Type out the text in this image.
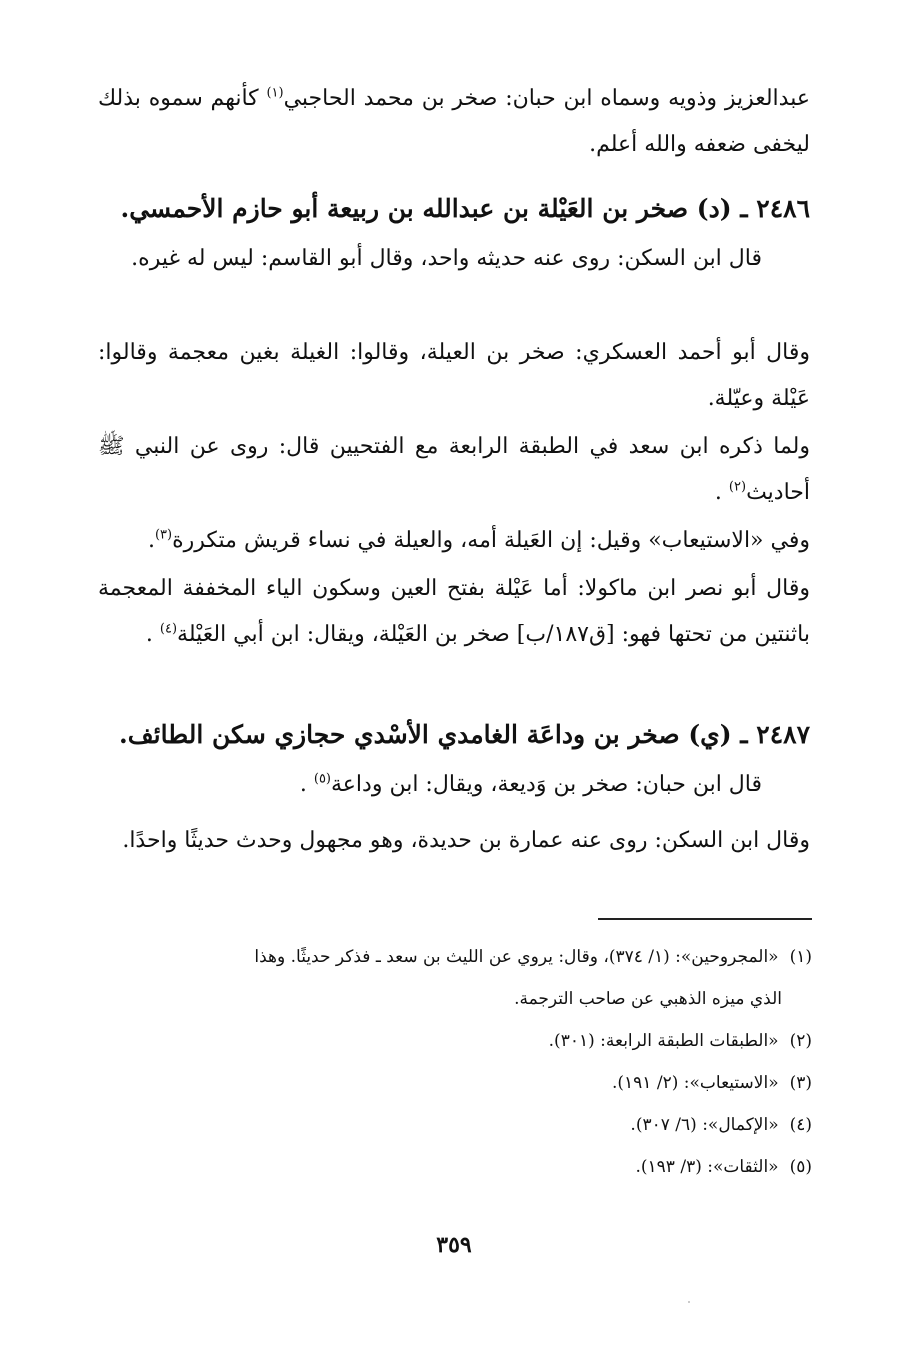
عبدالعزيز وذويه وسماه ابن حبان: صخر بن محمد الحاجبي$^{(١)}$ كأنهم سموه بذلك ليخفى ضعفه والله أعلم.

٢٤٨٦ ـ (د) صخر بن العَيْلة بن عبدالله بن ربيعة أبو حازم الأحمسي.

قال ابن السكن: روى عنه حديثه واحد، وقال أبو القاسم: ليس له غيره.

وقال أبو أحمد العسكري: صخر بن العيلة، وقالوا: الغيلة بغين معجمة وقالوا: عَيْلة وعيّلة.

ولما ذكره ابن سعد في الطبقة الرابعة مع الفتحيين قال: روى عن النبي ﷺ أحاديث$^{(٢)}$ .

وفي «الاستيعاب» وقيل: إن العَيلة أمه، والعيلة في نساء قريش متكررة$^{(٣)}$.

وقال أبو نصر ابن ماكولا: أما عَيْلة بفتح العين وسكون الياء المخففة المعجمة باثنتين من تحتها فهو: [ق١٨٧/ب] صخر بن العَيْلة، ويقال: ابن أبي العَيْلة$^{(٤)}$ .

٢٤٨٧ ـ (ي) صخر بن وداعَة الغامدي الأسْدي حجازي سكن الطائف.

قال ابن حبان: صخر بن وَديعة، ويقال: ابن وداعة$^{(٥)}$ .

وقال ابن السكن: روى عنه عمارة بن حديدة، وهو مجهول وحدث حديثًا واحدًا.

(١) «المجروحين»: (١/ ٣٧٤)، وقال: يروي عن الليث بن سعد ـ فذكر حديثًا. وهذا

الذي ميزه الذهبي عن صاحب الترجمة.

(٢) «الطبقات الطبقة الرابعة: (٣٠١).

(٣) «الاستيعاب»: (٢/ ١٩١).

(٤) «الإكمال»: (٦/ ٣٠٧).

(٥) «الثقات»: (٣/ ١٩٣).

٣٥٩
